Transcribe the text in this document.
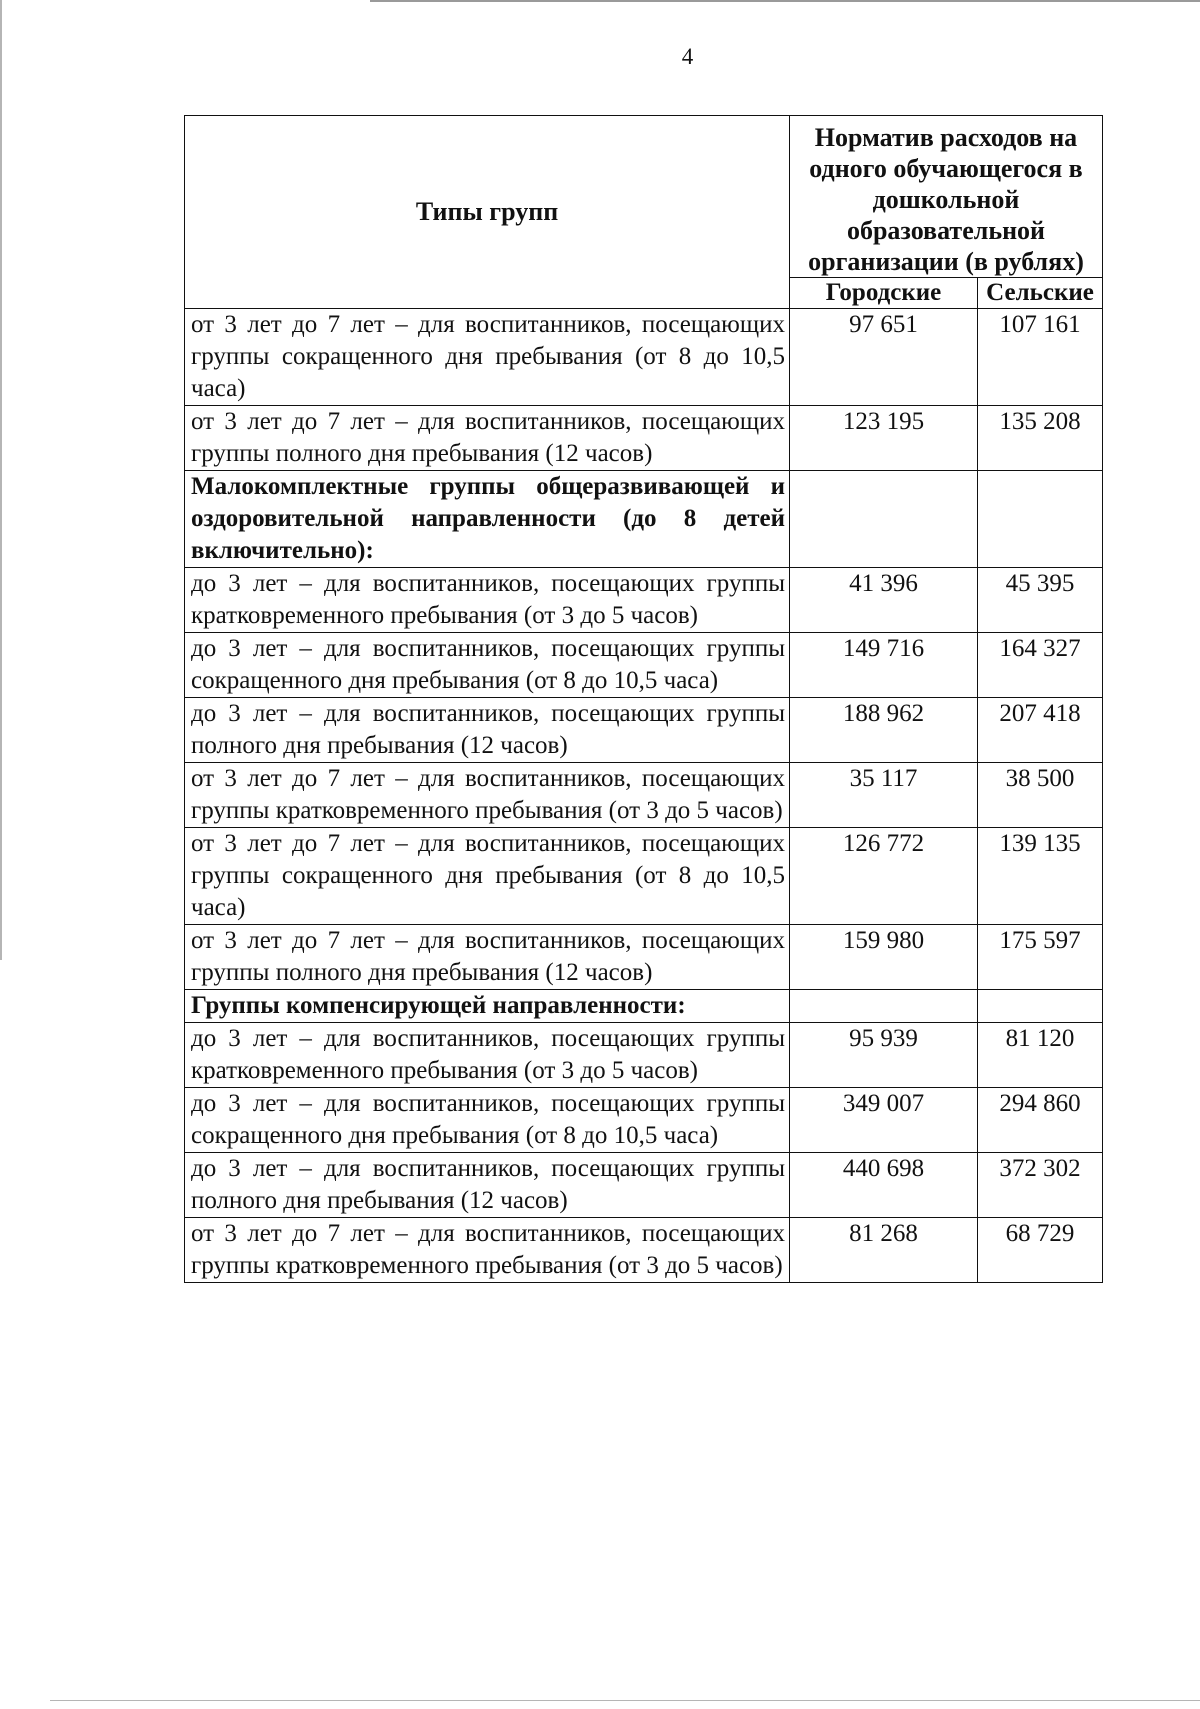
4
Типы групп	Норматив расходов на одного обучающегося в дошкольной образовательной организации (в рублях)	
	Городские	Сельские

от 3 лет до 7 лет – для воспитанников, посещающих группы сокращенного дня пребывания (от 8 до 10,5 часа)	97 651	107 161

от 3 лет до 7 лет – для воспитанников, посещающих группы полного дня пребывания (12 часов)	123 195	135 208

Малокомплектные группы общеразвивающей и оздоровительной направленности (до 8 детей включительно):		

до 3 лет – для воспитанников, посещающих группы кратковременного пребывания (от 3 до 5 часов)	41 396	45 395

до 3 лет – для воспитанников, посещающих группы сокращенного дня пребывания (от 8 до 10,5 часа)	149 716	164 327

до 3 лет – для воспитанников, посещающих группы полного дня пребывания (12 часов)	188 962	207 418

от 3 лет до 7 лет – для воспитанников, посещающих группы кратковременного пребывания (от 3 до 5 часов)	35 117	38 500

от 3 лет до 7 лет – для воспитанников, посещающих группы сокращенного дня пребывания (от 8 до 10,5 часа)	126 772	139 135

от 3 лет до 7 лет – для воспитанников, посещающих группы полного дня пребывания (12 часов)	159 980	175 597

Группы компенсирующей направленности:		

до 3 лет – для воспитанников, посещающих группы кратковременного пребывания (от 3 до 5 часов)	95 939	81 120

до 3 лет – для воспитанников, посещающих группы сокращенного дня пребывания (от 8 до 10,5 часа)	349 007	294 860

до 3 лет – для воспитанников, посещающих группы полного дня пребывания (12 часов)	440 698	372 302

от 3 лет до 7 лет – для воспитанников, посещающих группы кратковременного пребывания (от 3 до 5 часов)	81 268	68 729
